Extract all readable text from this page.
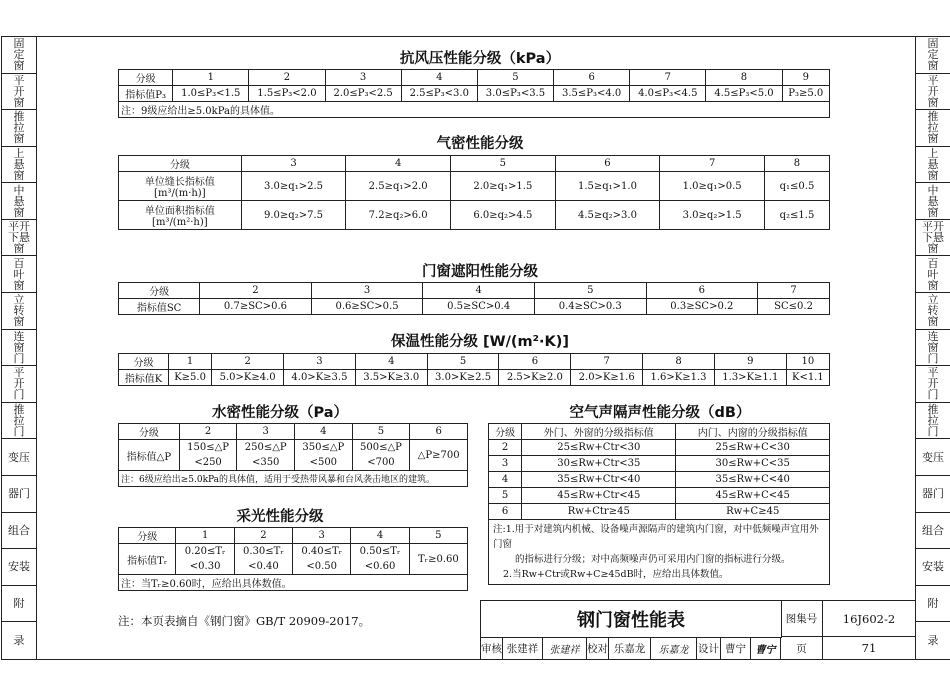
固
定
窗
平
开
窗
推
拉
窗
上
悬
窗
中
悬
窗
平开
下悬
窗
百
叶
窗
立
转
窗
连
窗
门
平
开
门
推
拉
门
变压
器门
组合
安装
附
录
固
定
窗
平
开
窗
推
拉
窗
上
悬
窗
中
悬
窗
平开
下悬
窗
百
叶
窗
立
转
窗
连
窗
门
平
开
门
推
拉
门
变压
器门
组合
安装
附
录
抗风压性能分级（kPa）
分级	1	2	3	4	5	6	7	8	9
指标值P₃	1.0≤P₃<1.5	1.5≤P₃<2.0	2.0≤P₃<2.5	2.5≤P₃<3.0	3.0≤P₃<3.5	3.5≤P₃<4.0	4.0≤P₃<4.5	4.5≤P₃<5.0	P₃≥5.0
注：9级应给出≥5.0kPa的具体值。									
气密性能分级
分级	3	4	5	6	7	8
单位缝长指标值
[m³/(m·h)]	3.0≥q₁>2.5	2.5≥q₁>2.0	2.0≥q₁>1.5	1.5≥q₁>1.0	1.0≥q₁>0.5	q₁≤0.5
单位面积指标值
[m³/(m²·h)]	9.0≥q₂>7.5	7.2≥q₂>6.0	6.0≥q₂>4.5	4.5≥q₂>3.0	3.0≥q₂>1.5	q₂≤1.5
门窗遮阳性能分级
分级	2	3	4	5	6	7
指标值SC	0.7≥SC>0.6	0.6≥SC>0.5	0.5≥SC>0.4	0.4≥SC>0.3	0.3≥SC>0.2	SC≤0.2
保温性能分级 [W/(m²·K)]
分级	1	2	3	4	5	6	7	8	9	10
指标值K	K≥5.0	5.0>K≥4.0	4.0>K≥3.5	3.5>K≥3.0	3.0>K≥2.5	2.5>K≥2.0	2.0>K≥1.6	1.6>K≥1.3	1.3>K≥1.1	K<1.1
水密性能分级（Pa）
分级	2	3	4	5	6
指标值△P	150≤△P	250≤△P	350≤△P	500≤△P	△P≥700
	<250	<350	<500	<700	
注：6级应给出≥5.0kPa的具体值，适用于受热带风暴和台风袭击地区的建筑。					
采光性能分级
分级	1	2	3	4	5
指标值Tᵣ	0.20≤Tᵣ	0.30≤Tᵣ	0.40≤Tᵣ	0.50≤Tᵣ	Tᵣ≥0.60
	<0.30	<0.40	<0.50	<0.60	
注：当Tᵣ≥0.60时，应给出具体数值。					
空气声隔声性能分级（dB）
分级	外门、外窗的分级指标值	内门、内窗的分级指标值
2	25≤Rw+Ctr<30	25≤Rw+C<30
3	30≤Rw+Ctr<35	30≤Rw+C<35
4	35≤Rw+Ctr<40	35≤Rw+C<40
5	45≤Rw+Ctr<45	45≤Rw+C<45
6	Rw+Ctr≥45	Rw+C≥45

注:1.用于对建筑内机械、设备噪声源隔声的建筑内门窗，对中低频噪声宜用外门窗
的指标进行分级；对中高频噪声仍可采用内门窗的指标进行分级。
2.当Rw+Ctr或Rw+C≥45dB时，应给出具体数值。		
注：本页表摘自《钢门窗》GB/T 20909-2017。	钢门窗性能表	图集号	16J602-2
审核 张建祥	张建祥 校对 乐嘉龙	乐嘉龙 设计 曹宁 曹宁	页	71
